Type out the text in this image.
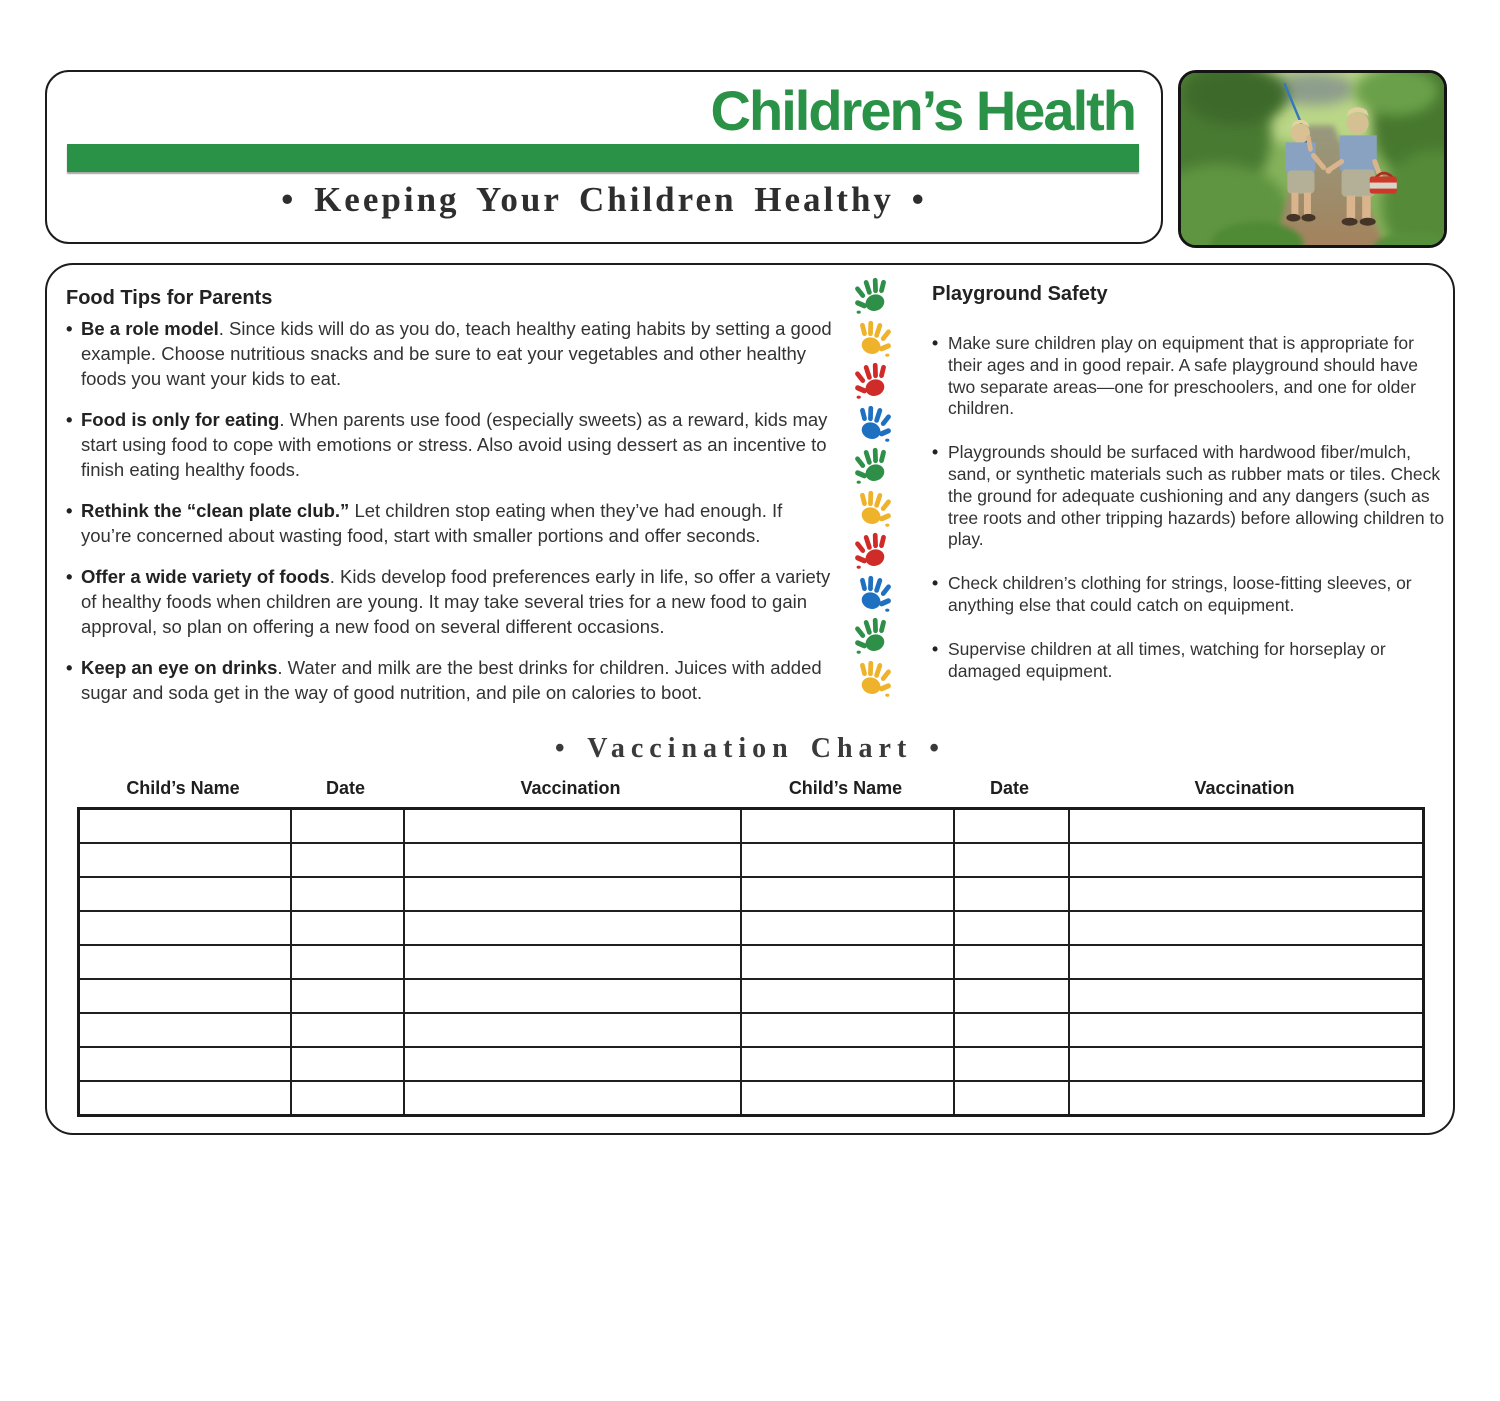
Children’s Health
• Keeping Your Children Healthy •
Food Tips for Parents
• Be a role model. Since kids will do as you do, teach healthy eating habits by setting a good example. Choose nutritious snacks and be sure to eat your vegetables and other healthy foods you want your kids to eat.
• Food is only for eating. When parents use food (especially sweets) as a reward, kids may start using food to cope with emotions or stress. Also avoid using dessert as an incentive to finish eating healthy foods.
• Rethink the “clean plate club.” Let children stop eating when they’ve had enough. If you’re concerned about wasting food, start with smaller portions and offer seconds.
• Offer a wide variety of foods. Kids develop food preferences early in life, so offer a variety of healthy foods when children are young. It may take several tries for a new food to gain approval, so plan on offering a new food on several different occasions.
• Keep an eye on drinks. Water and milk are the best drinks for children. Juices with added sugar and soda get in the way of good nutrition, and pile on calories to boot.
Playground Safety
• Make sure children play on equipment that is appropriate for their ages and in good repair. A safe playground should have two separate areas—one for preschoolers, and one for older children.
• Playgrounds should be surfaced with hardwood fiber/mulch, sand, or synthetic materials such as rubber mats or tiles. Check the ground for adequate cushioning and any dangers (such as tree roots and other tripping hazards) before allowing children to play.
• Check children’s clothing for strings, loose-fitting sleeves, or anything else that could catch on equipment.
• Supervise children at all times, watching for horseplay or damaged equipment.
• Vaccination Chart •
Child’s Name	Date	Vaccination	Child’s Name	Date	Vaccination
